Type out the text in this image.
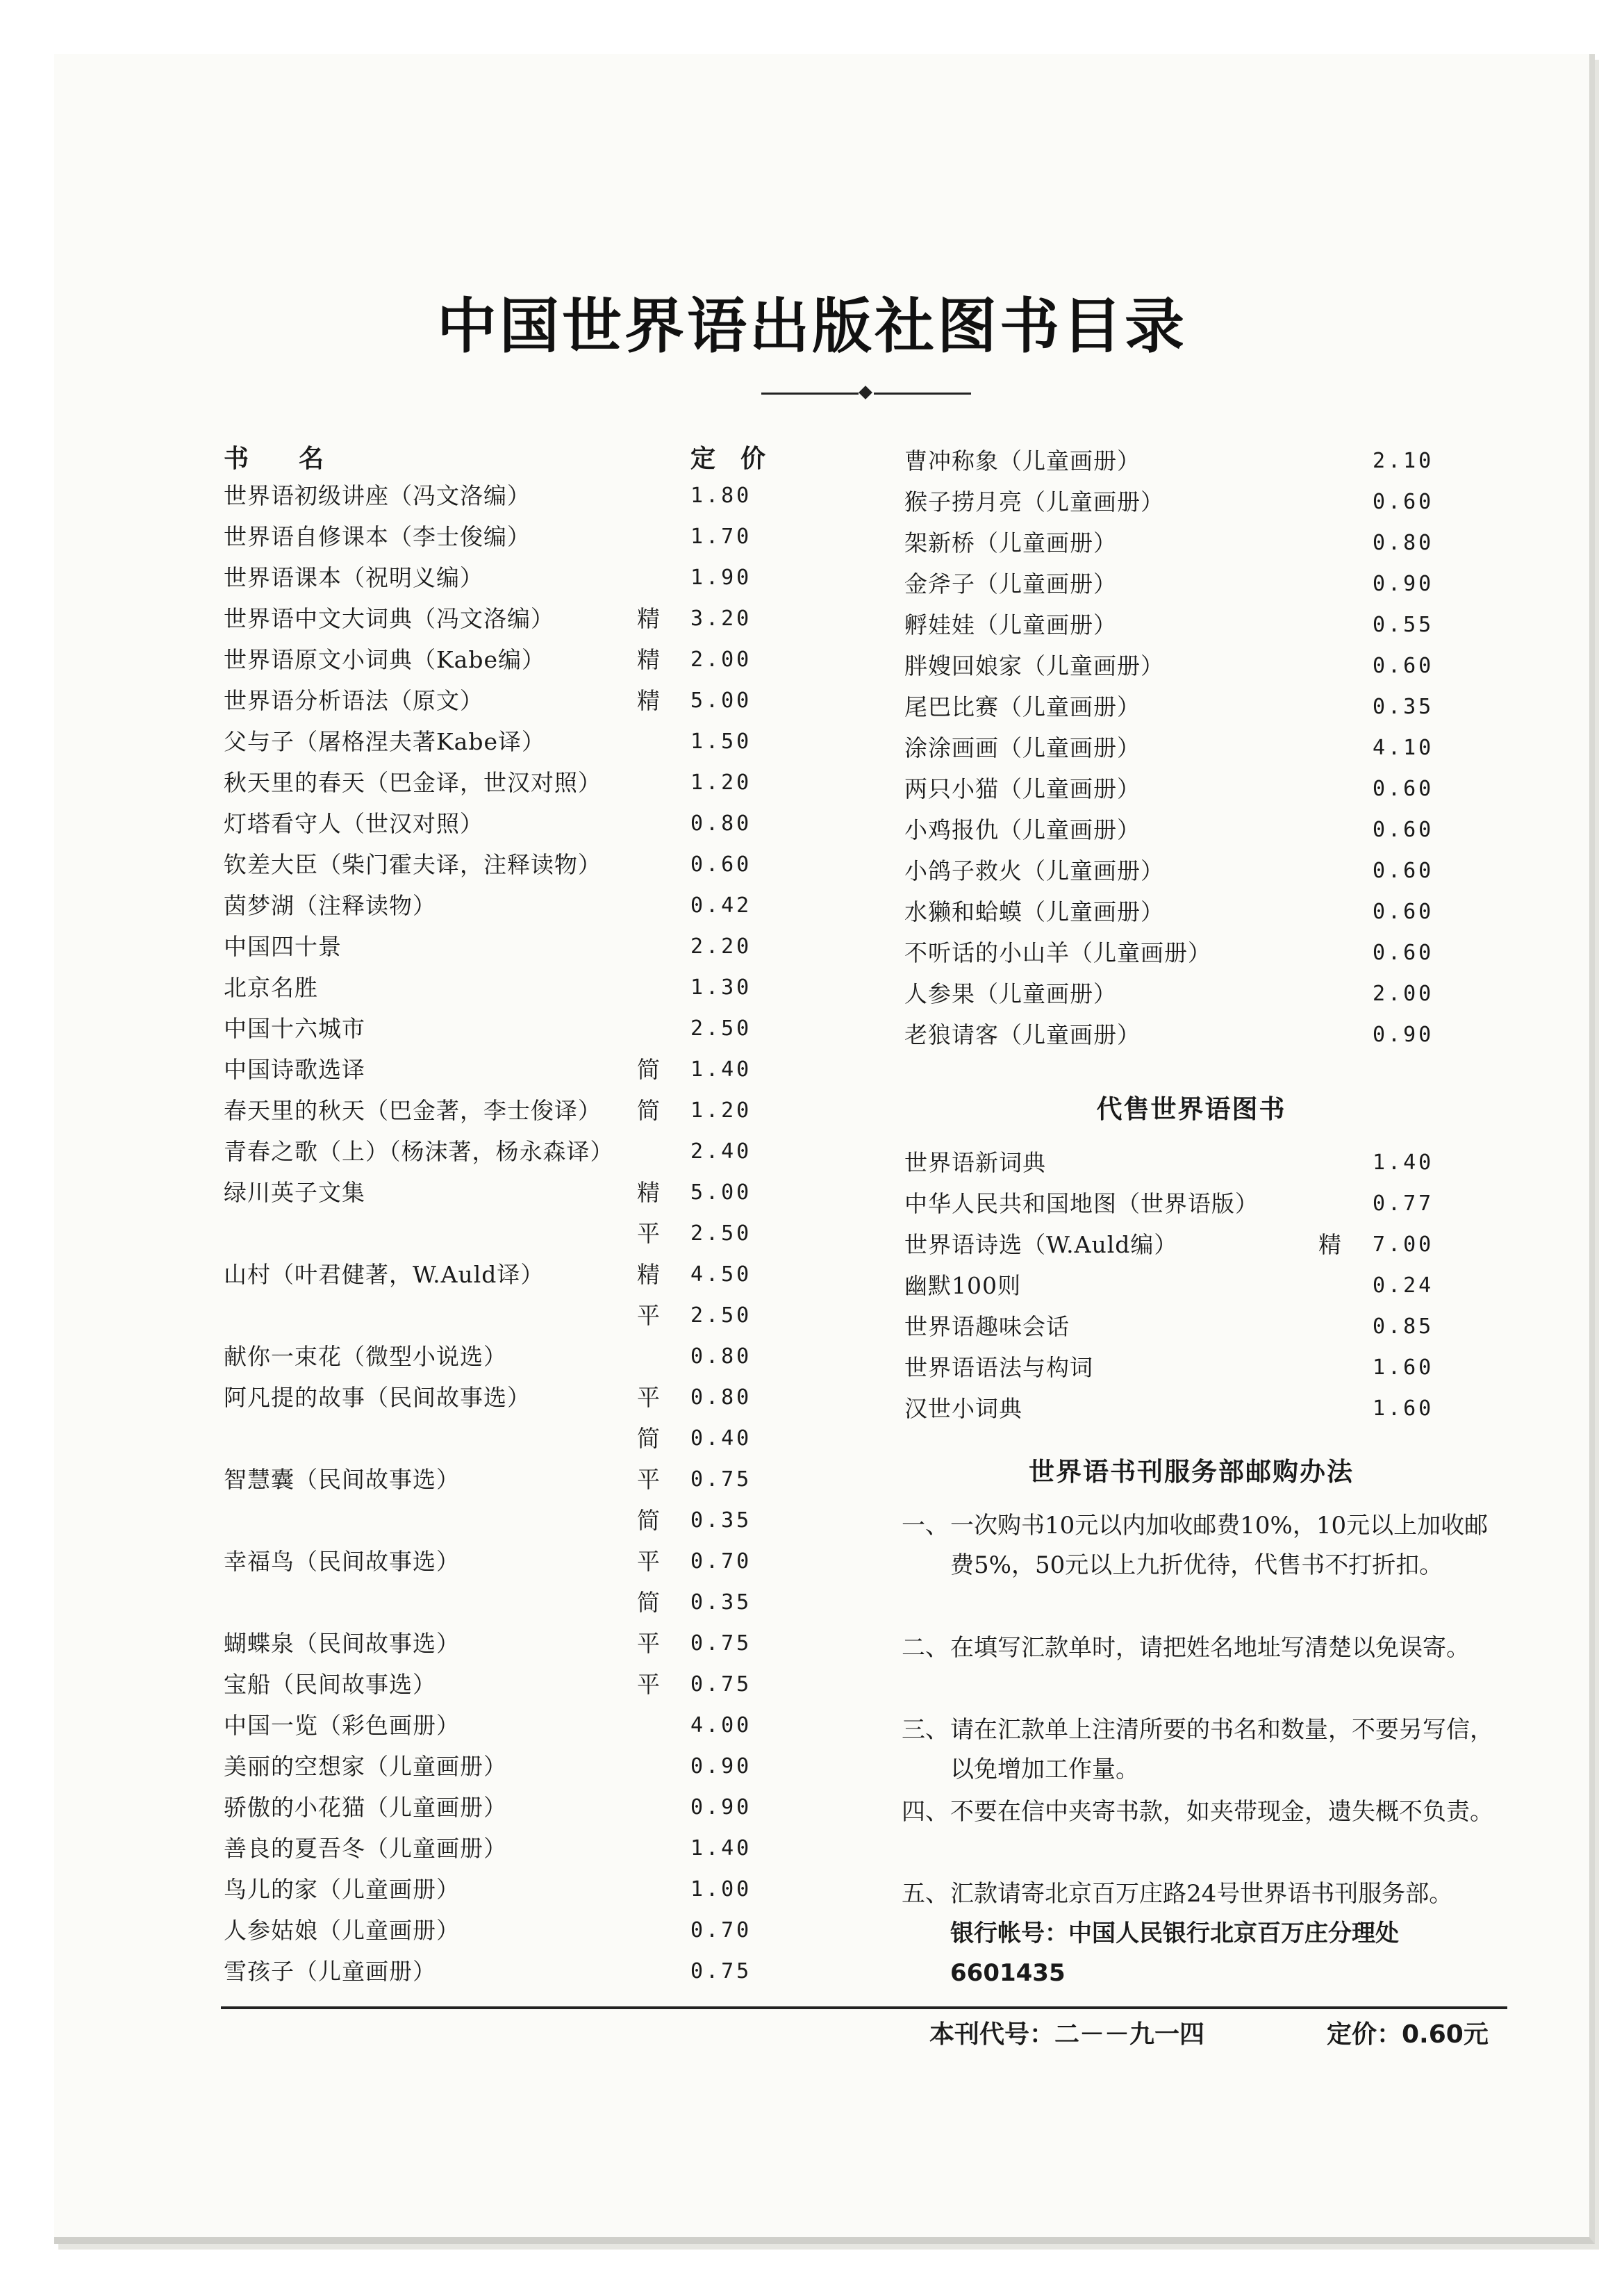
中国世界语出版社图书目录
书　　名	定　价
世界语初级讲座（冯文洛编）	1.80
世界语自修课本（李士俊编）	1.70
世界语课本（祝明义编）	1.90
世界语中文大词典（冯文洛编）	精 3.20
世界语原文小词典（Kabe编）	精 2.00
世界语分析语法（原文）	精 5.00
父与子（屠格涅夫著Kabe译）	1.50
秋天里的春天（巴金译，世汉对照）	1.20
灯塔看守人（世汉对照）	0.80
钦差大臣（柴门霍夫译，注释读物）	0.60
茵梦湖（注释读物）	0.42
中国四十景	2.20
北京名胜	1.30
中国十六城市	2.50
中国诗歌选译	简 1.40
春天里的秋天（巴金著，李士俊译） 简 1.20
青春之歌（上）（杨沫著，杨永森译）	2.40
绿川英子文集	精 5.00
平 2.50
山村（叶君健著，W.Auld译）	精 4.50
平 2.50
献你一束花（微型小说选）	0.80
阿凡提的故事（民间故事选）	平 0.80
简 0.40
智慧囊（民间故事选）	平 0.75
简 0.35
幸福鸟（民间故事选）	平 0.70
简 0.35
蝴蝶泉（民间故事选）	平 0.75
宝船（民间故事选）	平 0.75
中国一览（彩色画册）	4.00
美丽的空想家（儿童画册）	0.90
骄傲的小花猫（儿童画册）	0.90
善良的夏吾冬（儿童画册）	1.40
鸟儿的家（儿童画册）	1.00
人参姑娘（儿童画册）	0.70
雪孩子（儿童画册）	0.75
曹冲称象（儿童画册）	2.10
猴子捞月亮（儿童画册）	0.60
架新桥（儿童画册）	0.80
金斧子（儿童画册）	0.90
孵娃娃（儿童画册）	0.55
胖嫂回娘家（儿童画册）	0.60
尾巴比赛（儿童画册）	0.35
涂涂画画（儿童画册）	4.10
两只小猫（儿童画册）	0.60
小鸡报仇（儿童画册）	0.60
小鸽子救火（儿童画册）	0.60
水獭和蛤蟆（儿童画册）	0.60
不听话的小山羊（儿童画册）	0.60
人参果（儿童画册）	2.00
老狼请客（儿童画册）	0.90
代售世界语图书
世界语新词典	1.40
中华人民共和国地图（世界语版）	0.77
世界语诗选（W.Auld编）	精 7.00
幽默100则	0.24
世界语趣味会话	0.85
世界语语法与构词	1.60
汉世小词典	1.60
世界语书刊服务部邮购办法
一、 一次购书10元以内加收邮费10%，10元以上加收邮费5%，50元以上九折优待，代售书不打折扣。
二、 在填写汇款单时，请把姓名地址写清楚以免误寄。
三、 请在汇款单上注清所要的书名和数量，不要另写信，以免增加工作量。
四、 不要在信中夹寄书款，如夹带现金，遗失概不负责。
五、 汇款请寄北京百万庄路24号世界语书刊服务部。
银行帐号：中国人民银行北京百万庄分理处
6601435
本刊代号：二－－九一四	定价：0.60元
